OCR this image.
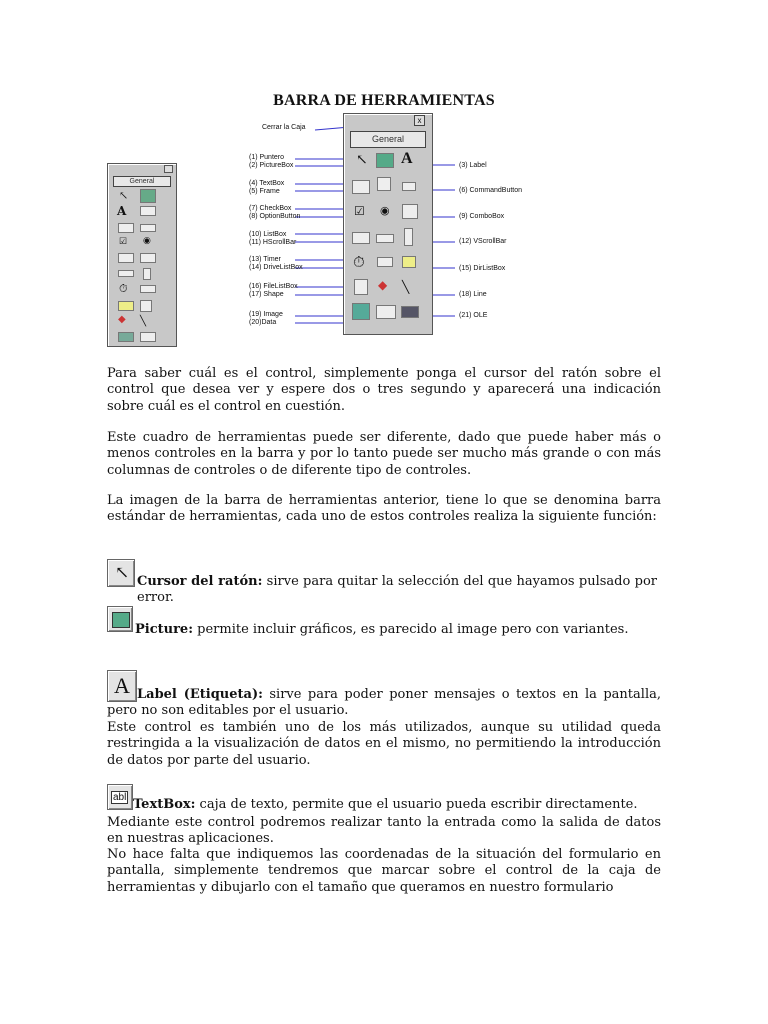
BARRA DE HERRAMIENTAS
General
↖
A
☑ ◉
⏱
◆ ╲
Cerrar la Caja
x
General
↖ A
☑ ◉
⏱
◆ ╲
(1) Puntero
(2) PictureBox
(4) TextBox
(5) Frame
(7) CheckBox
(8) OptionButton
(10) ListBox
(11) HScrollBar
(13) Timer
(14) DriveListBox
(16) FileListBox
(17) Shape
(19) Image
(20)Data
(3) Label
(6) CommandButton
(9) ComboBox
(12) VScrollBar
(15) DirListBox
(18) Line
(21) OLE

Para saber cuál es el control, simplemente ponga el cursor del ratón sobre el control que desea ver y espere dos o tres segundo y aparecerá una indicación sobre cuál es el control en cuestión.

Este cuadro de herramientas puede ser diferente, dado que puede haber más o menos controles en la barra y por lo tanto puede ser mucho más grande o con más columnas de controles o de diferente tipo de controles.

La imagen de la barra de herramientas anterior, tiene lo que se denomina barra estándar de herramientas, cada uno de estos controles realiza la siguiente función:

↖ Cursor del ratón: sirve para quitar la selección del que hayamos pulsado por error.

Picture: permite incluir gráficos, es parecido al image pero con variantes.

A Label (Etiqueta): sirve para poder poner mensajes o textos en la pantalla, pero no son editables por el usuario.

Este control es también uno de los más utilizados, aunque su utilidad queda restringida a la visualización de datos en el mismo, no permitiendo la introducción de datos por parte del usuario.

abl TextBox: caja de texto, permite que el usuario pueda escribir directamente.

Mediante este control podremos realizar tanto la entrada como la salida de datos en nuestras aplicaciones.

No hace falta que indiquemos las coordenadas de la situación del formulario en pantalla, simplemente tendremos que marcar sobre el control de la caja de herramientas y dibujarlo con el tamaño que queramos en nuestro formulario
